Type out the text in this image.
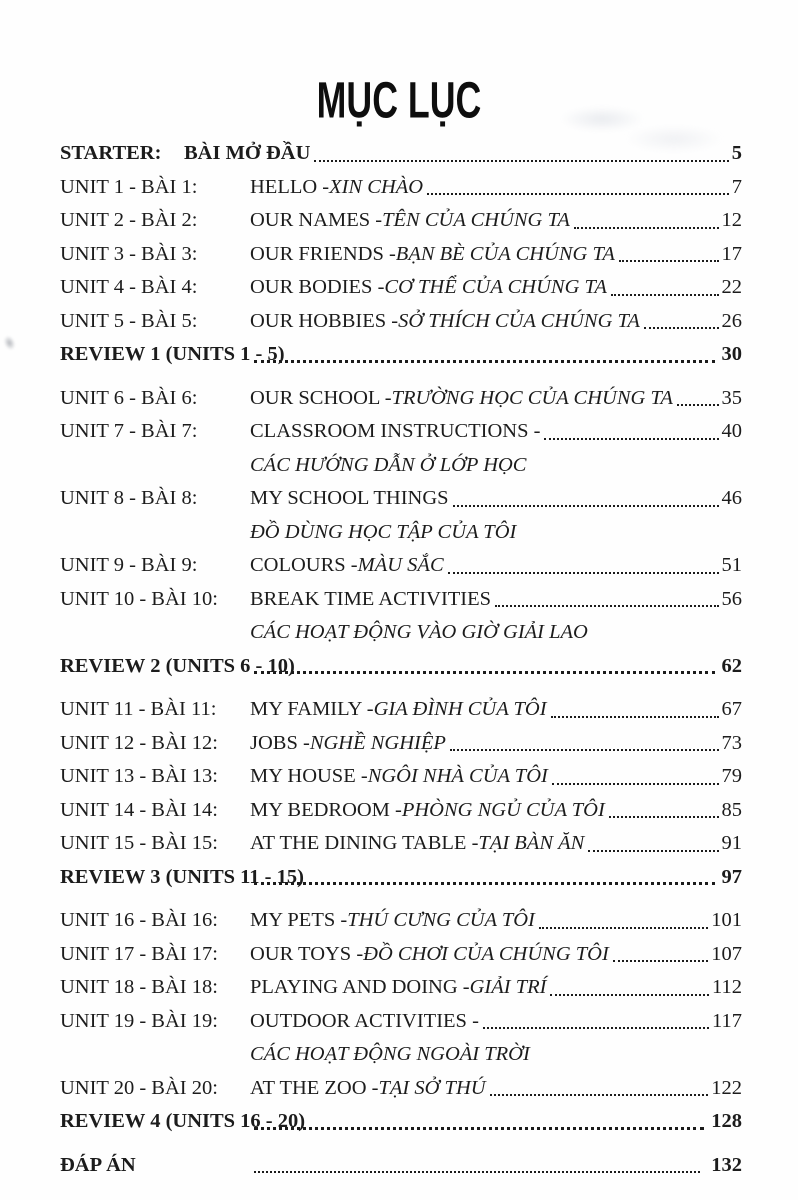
MỤC LỤC
STARTER:	BÀI MỞ ĐẦU	5
UNIT 1 - BÀI 1:	HELLO - XIN CHÀO	7
UNIT 2 - BÀI 2:	OUR NAMES - TÊN CỦA CHÚNG TA	12
UNIT 3 - BÀI 3:	OUR FRIENDS - BẠN BÈ CỦA CHÚNG TA	17
UNIT 4 - BÀI 4:	OUR BODIES - CƠ THỂ CỦA CHÚNG TA	22
UNIT 5 - BÀI 5:	OUR HOBBIES - SỞ THÍCH CỦA CHÚNG TA	26
REVIEW 1 (UNITS 1 - 5)	30
UNIT 6 - BÀI 6:	OUR SCHOOL - TRƯỜNG HỌC CỦA CHÚNG TA 35
UNIT 7 - BÀI 7:	CLASSROOM INSTRUCTIONS -	40
CÁC HƯỚNG DẪN Ở LỚP HỌC
UNIT 8 - BÀI 8:	MY SCHOOL THINGS	46
ĐỒ DÙNG HỌC TẬP CỦA TÔI
UNIT 9 - BÀI 9:	COLOURS - MÀU SẮC	51
UNIT 10 - BÀI 10:	BREAK TIME ACTIVITIES	56
CÁC HOẠT ĐỘNG VÀO GIỜ GIẢI LAO
REVIEW 2 (UNITS 6 - 10)	62
UNIT 11 - BÀI 11:	MY FAMILY - GIA ĐÌNH CỦA TÔI	67
UNIT 12 - BÀI 12:	JOBS - NGHỀ NGHIỆP	73
UNIT 13 - BÀI 13:	MY HOUSE - NGÔI NHÀ CỦA TÔI	79
UNIT 14 - BÀI 14:	MY BEDROOM - PHÒNG NGỦ CỦA TÔI	85
UNIT 15 - BÀI 15:	AT THE DINING TABLE - TẠI BÀN ĂN	91
REVIEW 3 (UNITS 11 - 15)	97
UNIT 16 - BÀI 16:	MY PETS - THÚ CƯNG CỦA TÔI	101
UNIT 17 - BÀI 17:	OUR TOYS - ĐỒ CHƠI CỦA CHÚNG TÔI	107
UNIT 18 - BÀI 18:	PLAYING AND DOING - GIẢI TRÍ	112
UNIT 19 - BÀI 19:	OUTDOOR ACTIVITIES -	117
CÁC HOẠT ĐỘNG NGOÀI TRỜI
UNIT 20 - BÀI 20:	AT THE ZOO - TẠI SỞ THÚ	122
REVIEW 4 (UNITS 16 - 20)	128
ĐÁP ÁN	132
